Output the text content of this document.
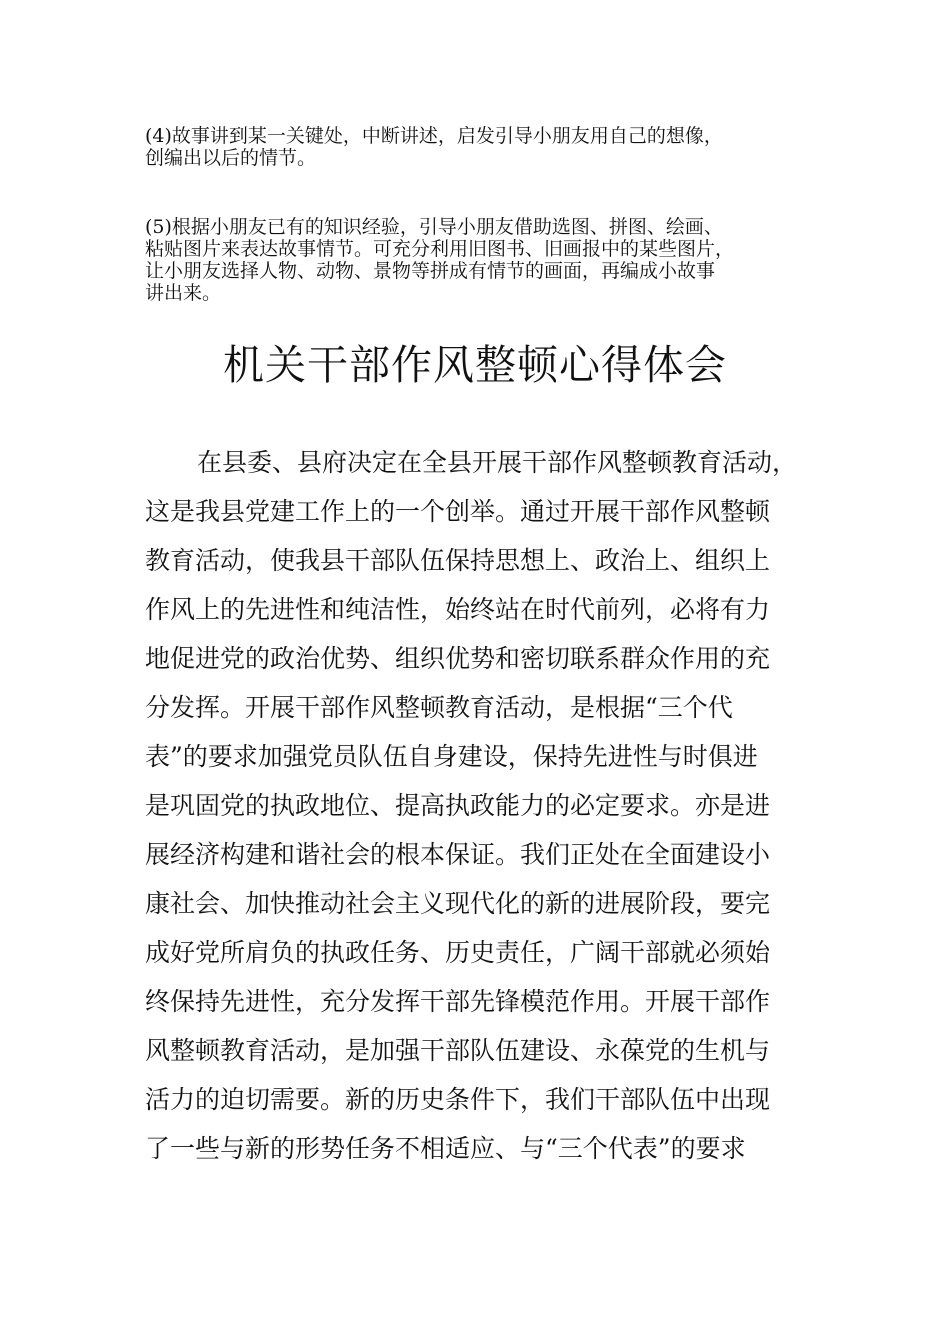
(4)故事讲到某一关键处，中断讲述，启发引导小朋友用自己的想像，
创编出以后的情节。
(5)根据小朋友已有的知识经验，引导小朋友借助选图、拼图、绘画、
粘贴图片来表达故事情节。可充分利用旧图书、旧画报中的某些图片，
让小朋友选择人物、动物、景物等拼成有情节的画面，再编成小故事
讲出来。
机关干部作风整顿心得体会
在县委、县府决定在全县开展干部作风整顿教育活动，
这是我县党建工作上的一个创举。通过开展干部作风整顿
教育活动，使我县干部队伍保持思想上、政治上、组织上
作风上的先进性和纯洁性，始终站在时代前列，必将有力
地促进党的政治优势、组织优势和密切联系群众作用的充
分发挥。开展干部作风整顿教育活动，是根据“三个代
表”的要求加强党员队伍自身建设，保持先进性与时俱进
是巩固党的执政地位、提高执政能力的必定要求。亦是进
展经济构建和谐社会的根本保证。我们正处在全面建设小
康社会、加快推动社会主义现代化的新的进展阶段，要完
成好党所肩负的执政任务、历史责任，广阔干部就必须始
终保持先进性，充分发挥干部先锋模范作用。开展干部作
风整顿教育活动，是加强干部队伍建设、永葆党的生机与
活力的迫切需要。新的历史条件下，我们干部队伍中出现
了一些与新的形势任务不相适应、与“三个代表”的要求
